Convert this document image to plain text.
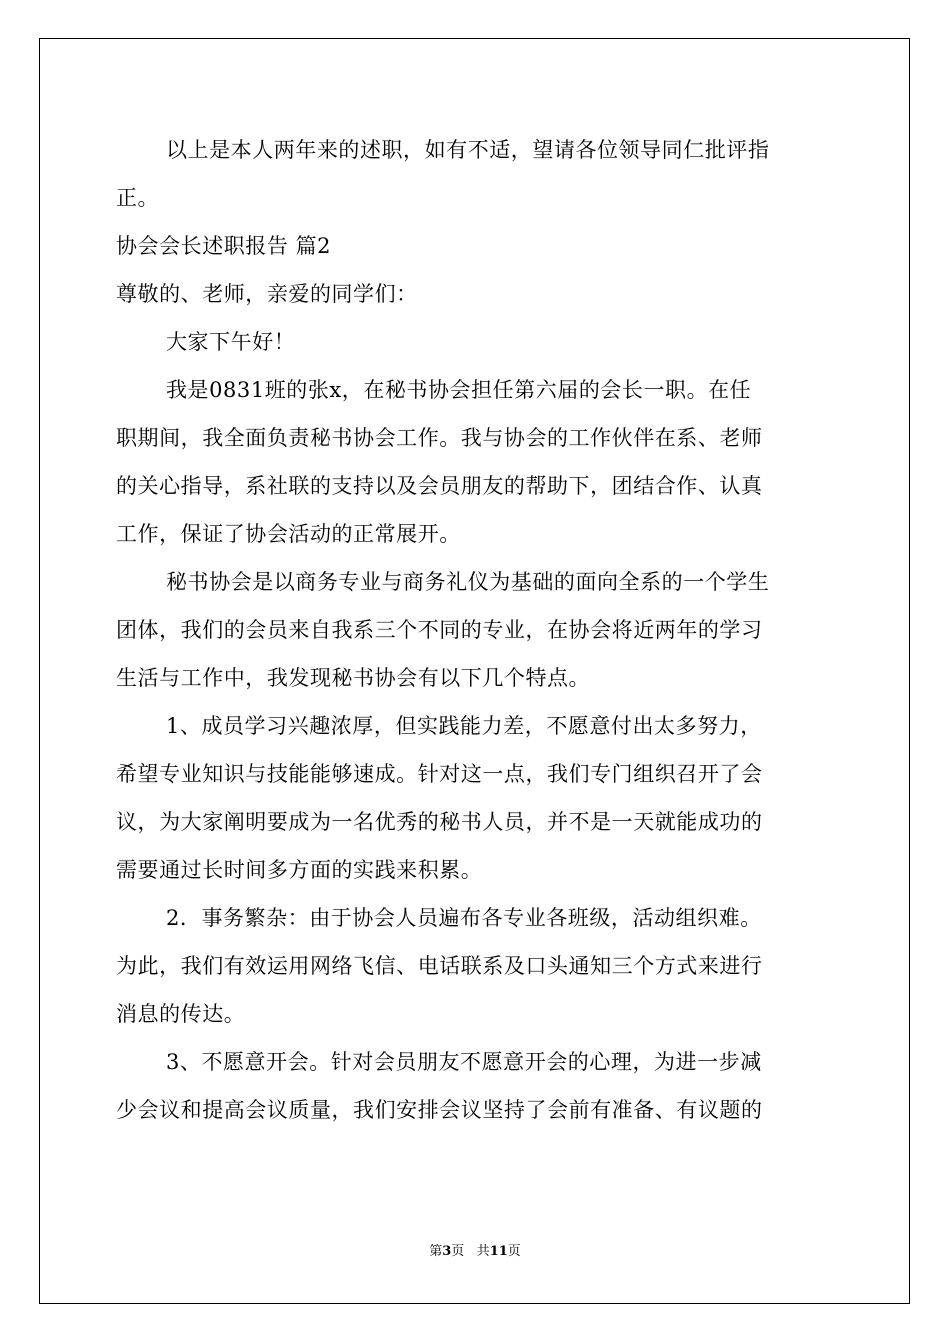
以上是本人两年来的述职，如有不适，望请各位领导同仁批评指
正。
协会会长述职报告 篇2
尊敬的、老师，亲爱的同学们：
大家下午好！
我是0831班的张x，在秘书协会担任第六届的会长一职。在任
职期间，我全面负责秘书协会工作。我与协会的工作伙伴在系、老师
的关心指导，系社联的支持以及会员朋友的帮助下，团结合作、认真
工作，保证了协会活动的正常展开。
秘书协会是以商务专业与商务礼仪为基础的面向全系的一个学生
团体，我们的会员来自我系三个不同的专业，在协会将近两年的学习
生活与工作中，我发现秘书协会有以下几个特点。
1、成员学习兴趣浓厚，但实践能力差，不愿意付出太多努力，
希望专业知识与技能能够速成。针对这一点，我们专门组织召开了会
议，为大家阐明要成为一名优秀的秘书人员，并不是一天就能成功的
需要通过长时间多方面的实践来积累。
2．事务繁杂：由于协会人员遍布各专业各班级，活动组织难。
为此，我们有效运用网络飞信、电话联系及口头通知三个方式来进行
消息的传达。
3、不愿意开会。针对会员朋友不愿意开会的心理，为进一步减
少会议和提高会议质量，我们安排会议坚持了会前有准备、有议题的
第3页 共11页
